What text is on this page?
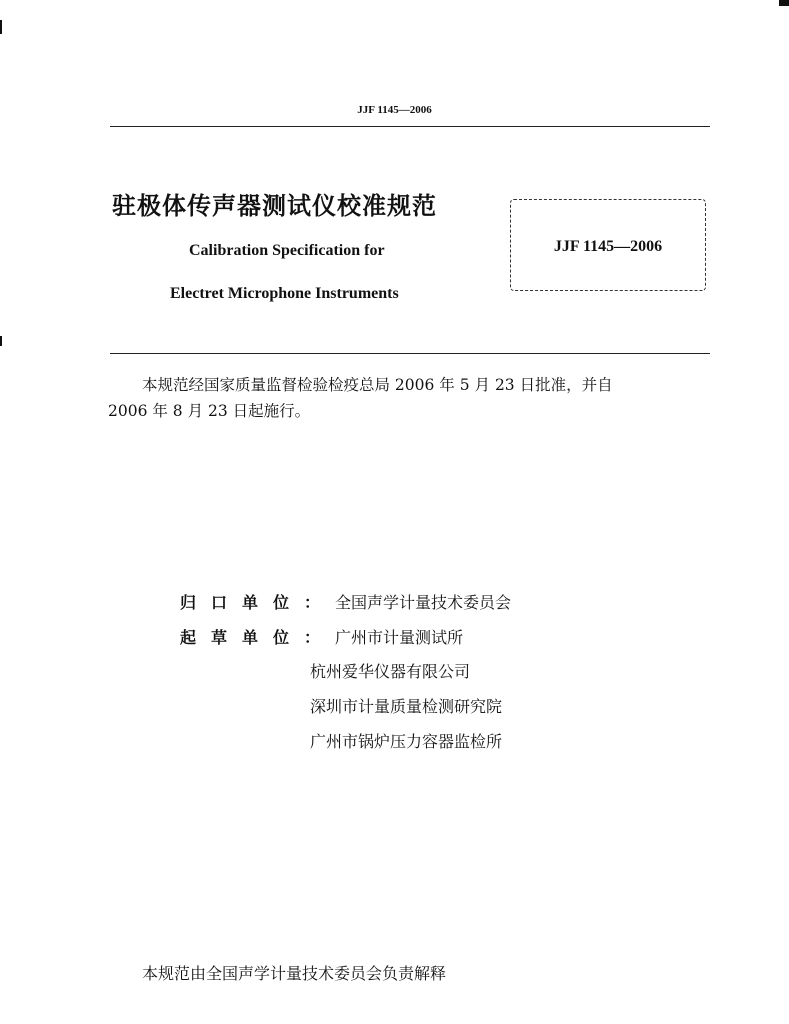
JJF 1145—2006
驻极体传声器测试仪校准规范
Calibration Specification for
Electret Microphone Instruments
JJF 1145—2006
本规范经国家质量监督检验检疫总局 2006 年 5 月 23 日批准，并自
2006 年 8 月 23 日起施行。
归口单位：全国声学计量技术委员会
起草单位：广州市计量测试所
杭州爱华仪器有限公司
深圳市计量质量检测研究院
广州市锅炉压力容器监检所
本规范由全国声学计量技术委员会负责解释
